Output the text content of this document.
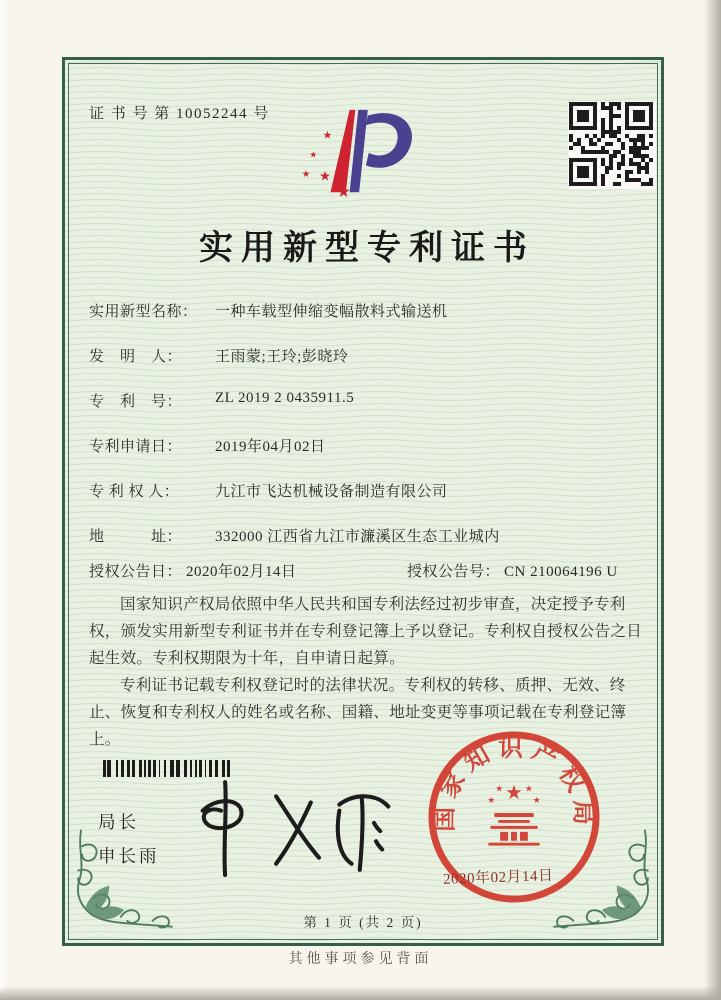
证 书 号 第 10052244 号
★
★
★ ★
实用新型专利证书
实用新型名称：	一种车载型伸缩变幅散料式输送机
发　明　人：	王雨蒙;王玲;彭晓玲
专　利　号：	ZL 2019 2 0435911.5
专利申请日：	2019年04月02日
专 利 权 人：	九江市飞达机械设备制造有限公司
地　　　址：	332000 江西省九江市濂溪区生态工业城内
授权公告日： 2020年02月14日	授权公告号： CN 210064196 U

国家知识产权局依照中华人民共和国专利法经过初步审查，决定授予专利权，颁发实用新型专利证书并在专利登记簿上予以登记。专利权自授权公告之日起生效。专利权期限为十年，自申请日起算。

专利证书记载专利权登记时的法律状况。专利权的转移、质押、无效、终止、恢复和专利权人的姓名或名称、国籍、地址变更等事项记载在专利登记簿上。

局长
申长雨
国家知识产权局
★
★
★ ★
★
2020年02月14日
第 1 页 (共 2 页)
其他事项参见背面
